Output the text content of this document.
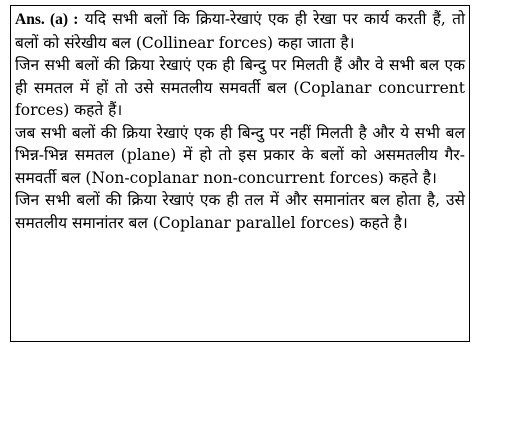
Ans. (a) : यदि सभी बलों कि क्रिया-रेखाएं एक ही रेखा पर कार्य करती हैं, तो बलों को संरेखीय बल (Collinear forces) कहा जाता है।

जिन सभी बलों की क्रिया रेखाएं एक ही बिन्दु पर मिलती हैं और वे सभी बल एक ही समतल में हों तो उसे समतलीय समवर्ती बल (Coplanar concurrent forces) कहते हैं।

जब सभी बलों की क्रिया रेखाएं एक ही बिन्दु पर नहीं मिलती है और ये सभी बल भिन्न-भिन्न समतल (plane) में हो तो इस प्रकार के बलों को असमतलीय गैर-समवर्ती बल (Non-coplanar non-concurrent forces) कहते है।

जिन सभी बलों की क्रिया रेखाएं एक ही तल में और समानांतर बल होता है, उसे समतलीय समानांतर बल (Coplanar parallel forces) कहते है।
